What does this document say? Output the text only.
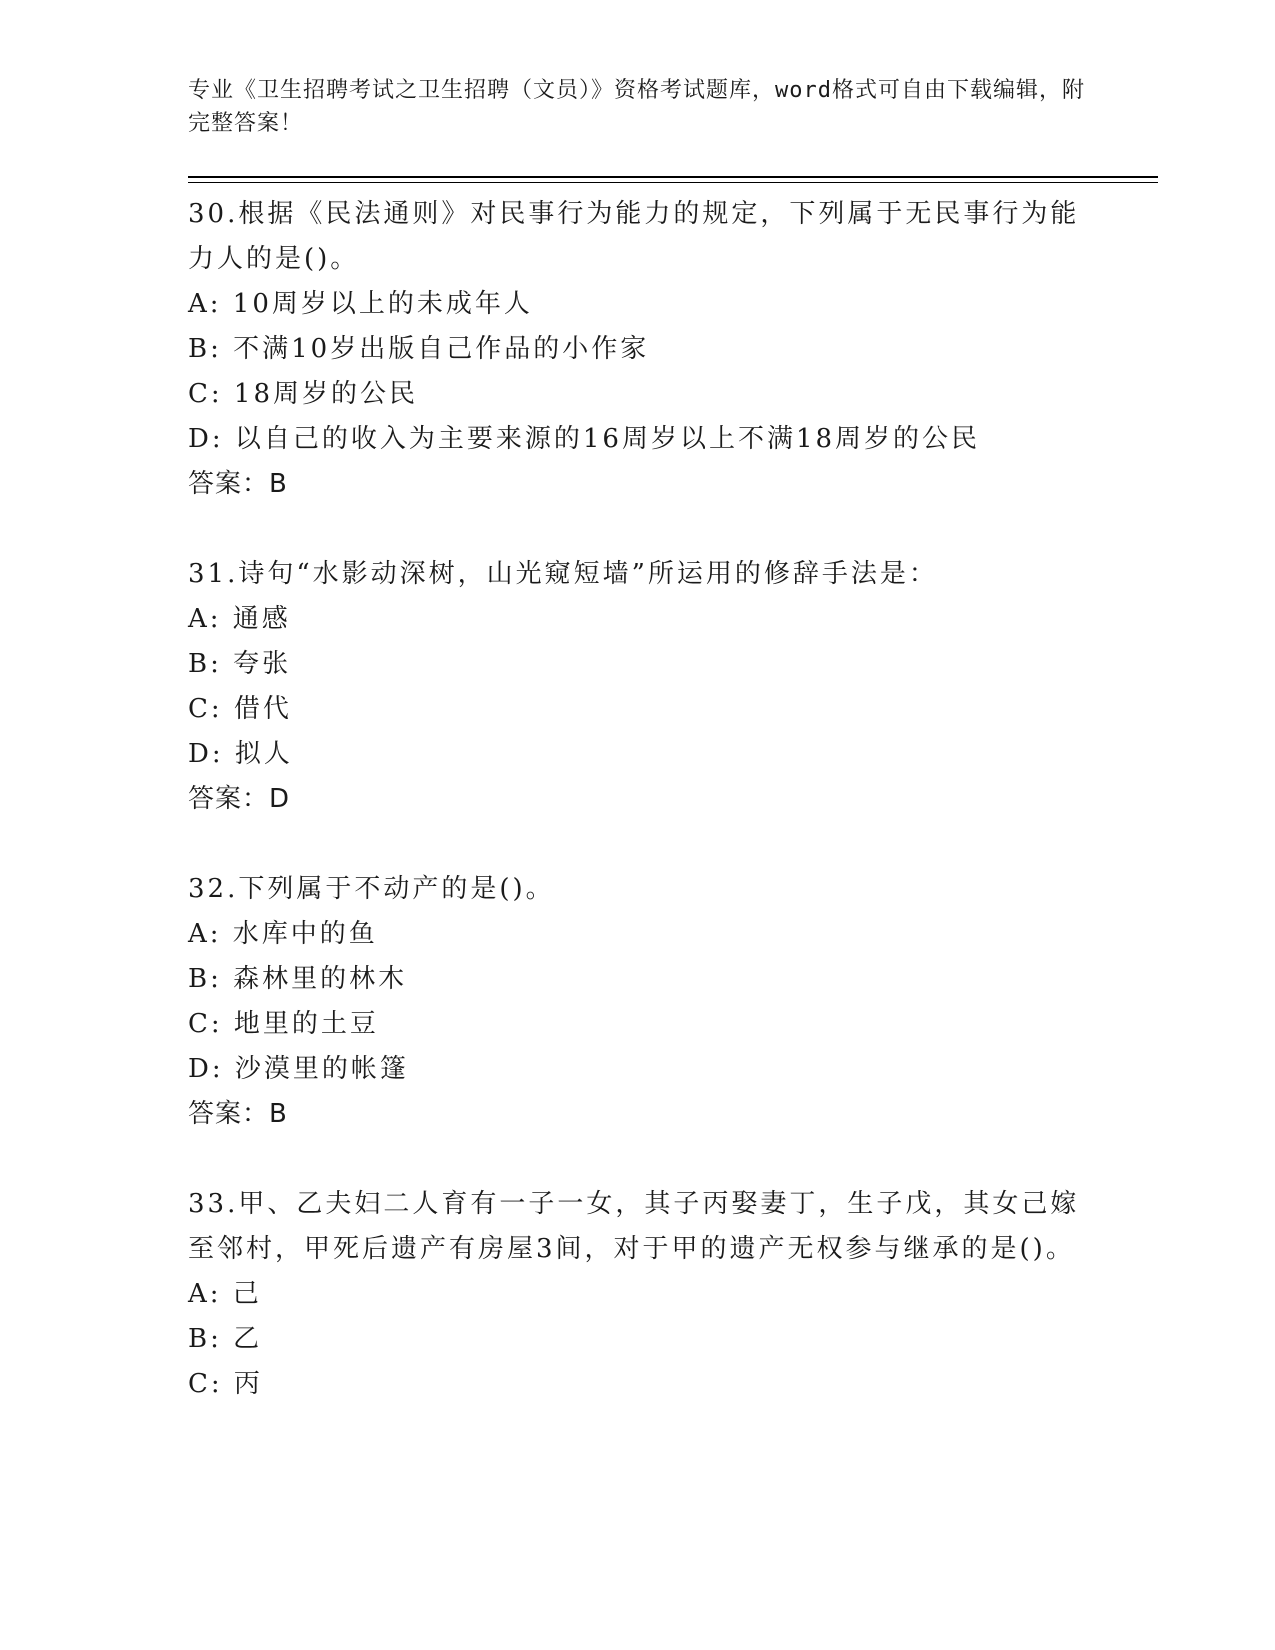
专业《卫生招聘考试之卫生招聘（文员）》资格考试题库，word格式可自由下载编辑，附完整答案！

30.根据《民法通则》对民事行为能力的规定，下列属于无民事行为能力人的是()。

A: 10周岁以上的未成年人

B: 不满10岁出版自己作品的小作家

C: 18周岁的公民

D: 以自己的收入为主要来源的16周岁以上不满18周岁的公民

答案：B

31.诗句“水影动深树，山光窥短墙”所运用的修辞手法是：

A: 通感

B: 夸张

C: 借代

D: 拟人

答案：D

32.下列属于不动产的是()。

A: 水库中的鱼

B: 森林里的林木

C: 地里的土豆

D: 沙漠里的帐篷

答案：B

33.甲、乙夫妇二人育有一子一女，其子丙娶妻丁，生子戊，其女己嫁至邻村，甲死后遗产有房屋3间，对于甲的遗产无权参与继承的是()。

A: 己

B: 乙

C: 丙
